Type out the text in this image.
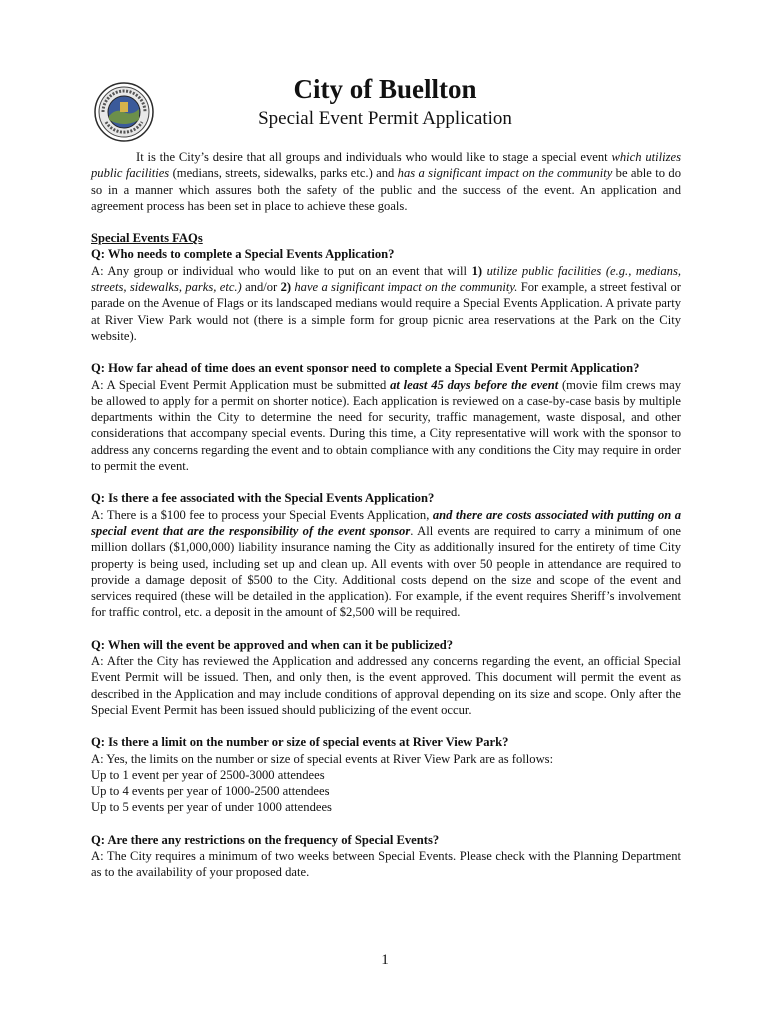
City of Buellton
Special Event Permit Application

It is the City’s desire that all groups and individuals who would like to stage a special event which utilizes public facilities (medians, streets, sidewalks, parks etc.) and has a significant impact on the community be able to do so in a manner which assures both the safety of the public and the success of the event. An application and agreement process has been set in place to achieve these goals.

Special Events FAQs

Q: Who needs to complete a Special Events Application?

A: Any group or individual who would like to put on an event that will 1) utilize public facilities (e.g., medians, streets, sidewalks, parks, etc.) and/or 2) have a significant impact on the community. For example, a street festival or parade on the Avenue of Flags or its landscaped medians would require a Special Events Application. A private party at River View Park would not (there is a simple form for group picnic area reservations at the Park on the City website).

Q: How far ahead of time does an event sponsor need to complete a Special Event Permit Application?

A: A Special Event Permit Application must be submitted at least 45 days before the event (movie film crews may be allowed to apply for a permit on shorter notice). Each application is reviewed on a case-by-case basis by multiple departments within the City to determine the need for security, traffic management, waste disposal, and other considerations that accompany special events. During this time, a City representative will work with the sponsor to address any concerns regarding the event and to obtain compliance with any conditions the City may require in order to permit the event.

Q: Is there a fee associated with the Special Events Application?

A: There is a $100 fee to process your Special Events Application, and there are costs associated with putting on a special event that are the responsibility of the event sponsor. All events are required to carry a minimum of one million dollars ($1,000,000) liability insurance naming the City as additionally insured for the entirety of time City property is being used, including set up and clean up. All events with over 50 people in attendance are required to provide a damage deposit of $500 to the City. Additional costs depend on the size and scope of the event and services required (these will be detailed in the application). For example, if the event requires Sheriff’s involvement for traffic control, etc. a deposit in the amount of $2,500 will be required.

Q: When will the event be approved and when can it be publicized?

A: After the City has reviewed the Application and addressed any concerns regarding the event, an official Special Event Permit will be issued. Then, and only then, is the event approved. This document will permit the event as described in the Application and may include conditions of approval depending on its size and scope. Only after the Special Event Permit has been issued should publicizing of the event occur.

Q: Is there a limit on the number or size of special events at River View Park?

A: Yes, the limits on the number or size of special events at River View Park are as follows:

Up to 1 event per year of 2500-3000 attendees
Up to 4 events per year of 1000-2500 attendees
Up to 5 events per year of under 1000 attendees

Q: Are there any restrictions on the frequency of Special Events?

A: The City requires a minimum of two weeks between Special Events. Please check with the Planning Department as to the availability of your proposed date.

1
